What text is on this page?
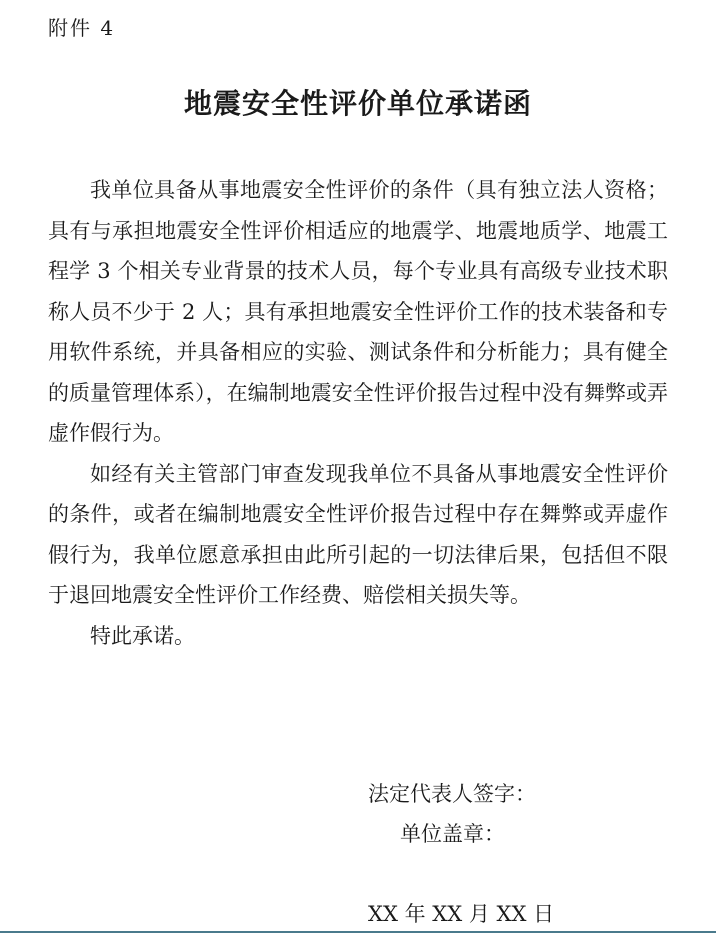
附件 4
地震安全性评价单位承诺函

我单位具备从事地震安全性评价的条件（具有独立法人资格；具有与承担地震安全性评价相适应的地震学、地震地质学、地震工程学 3 个相关专业背景的技术人员，每个专业具有高级专业技术职称人员不少于 2 人；具有承担地震安全性评价工作的技术装备和专用软件系统，并具备相应的实验、测试条件和分析能力；具有健全的质量管理体系），在编制地震安全性评价报告过程中没有舞弊或弄虚作假行为。

如经有关主管部门审查发现我单位不具备从事地震安全性评价的条件，或者在编制地震安全性评价报告过程中存在舞弊或弄虚作假行为，我单位愿意承担由此所引起的一切法律后果，包括但不限于退回地震安全性评价工作经费、赔偿相关损失等。

特此承诺。

法定代表人签字：
单位盖章：
XX 年 XX 月 XX 日
